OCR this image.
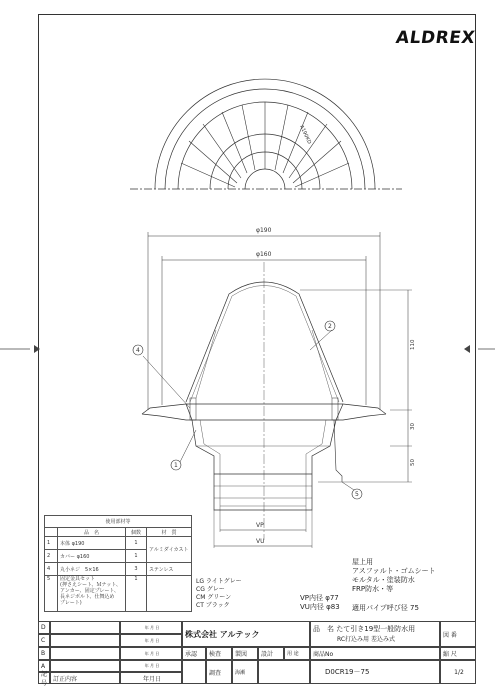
ALDREX
A190KD
φ190
φ160
VP
VU
110
30
50
4
2
1
5
使用部材等			
	品　名	個数	材　質
1	本体 φ190	1	アルミダイカスト
2	カバー φ160	1	
4	丸小ネジ　5×16	3	ステンレス
5	固定金具セット
(押さえシート、Ｍナット、
アンカー、固定プレート、
長ネジボルト、仕舞込め
プレート)	1		LG ライトグレー
CG グレー
CM グリーン
CT ブラック
屋上用
アスファルト・ゴムシート
モルタル・塗装防水
FRP防水・等
VP内径 φ77
VU内径 φ83 適用パイプ呼び径 75
D	年 月 日
C	年 月 日
B	年 月 日
A	年 月 日
記号
訂正内容	年月日
株式会社 アルテック
承認	検査	製図	設計	用 途
調査	海瀬
品　名 たて引き19型一般防水用
RC打込み用 差込み式
商品No
D0CR19－75
図 番
縮 尺
1/2
